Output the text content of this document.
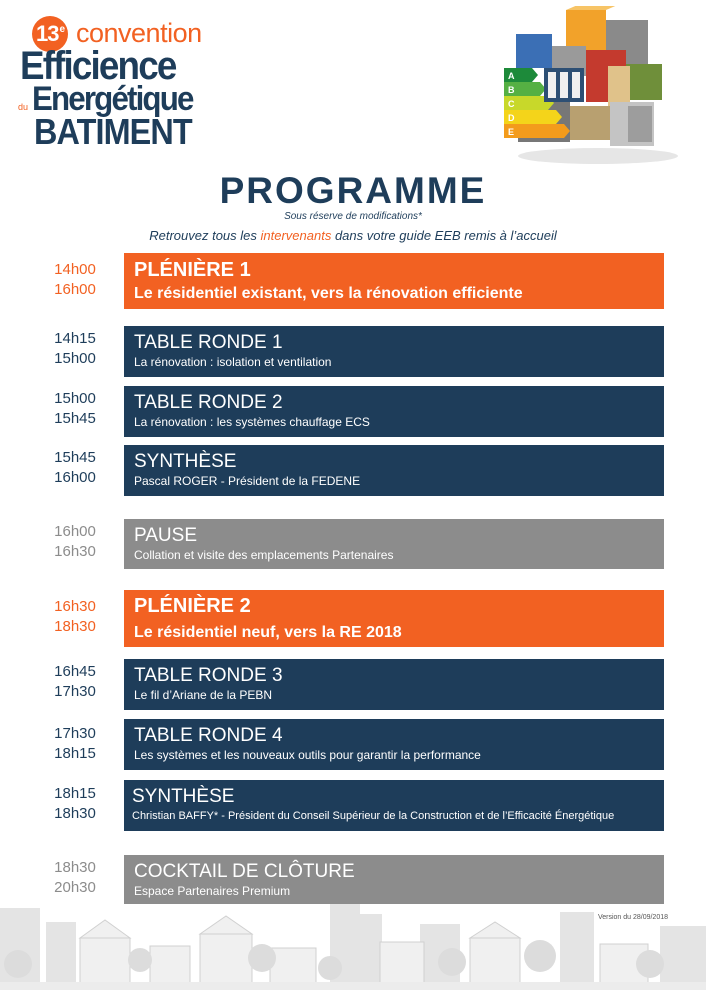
13e convention
Efficience
du Energétique
BATIMENT
A
B
C
D
E
PROGRAMME
Sous réserve de modifications*
Retrouvez tous les intervenants dans votre guide EEB remis à l’accueil
14h00
16h00
PLÉNIÈRE 1
Le résidentiel existant, vers la rénovation efficiente
14h15
15h00
TABLE RONDE 1
La rénovation : isolation et ventilation
15h00
15h45
TABLE RONDE 2
La rénovation : les systèmes chauffage ECS
15h45
16h00
SYNTHÈSE
Pascal ROGER - Président de la FEDENE
16h00
16h30
PAUSE
Collation et visite des emplacements Partenaires
16h30
18h30
PLÉNIÈRE 2
Le résidentiel neuf, vers la RE 2018
16h45
17h30
TABLE RONDE 3
Le fil d’Ariane de la PEBN
17h30
18h15
TABLE RONDE 4
Les systèmes et les nouveaux outils pour garantir la performance
18h15
18h30
SYNTHÈSE
Christian BAFFY* - Président du Conseil Supérieur de la Construction et de l’Efficacité Énergétique
18h30
20h30
COCKTAIL DE CLÔTURE
Espace Partenaires Premium
Version du 28/09/2018
